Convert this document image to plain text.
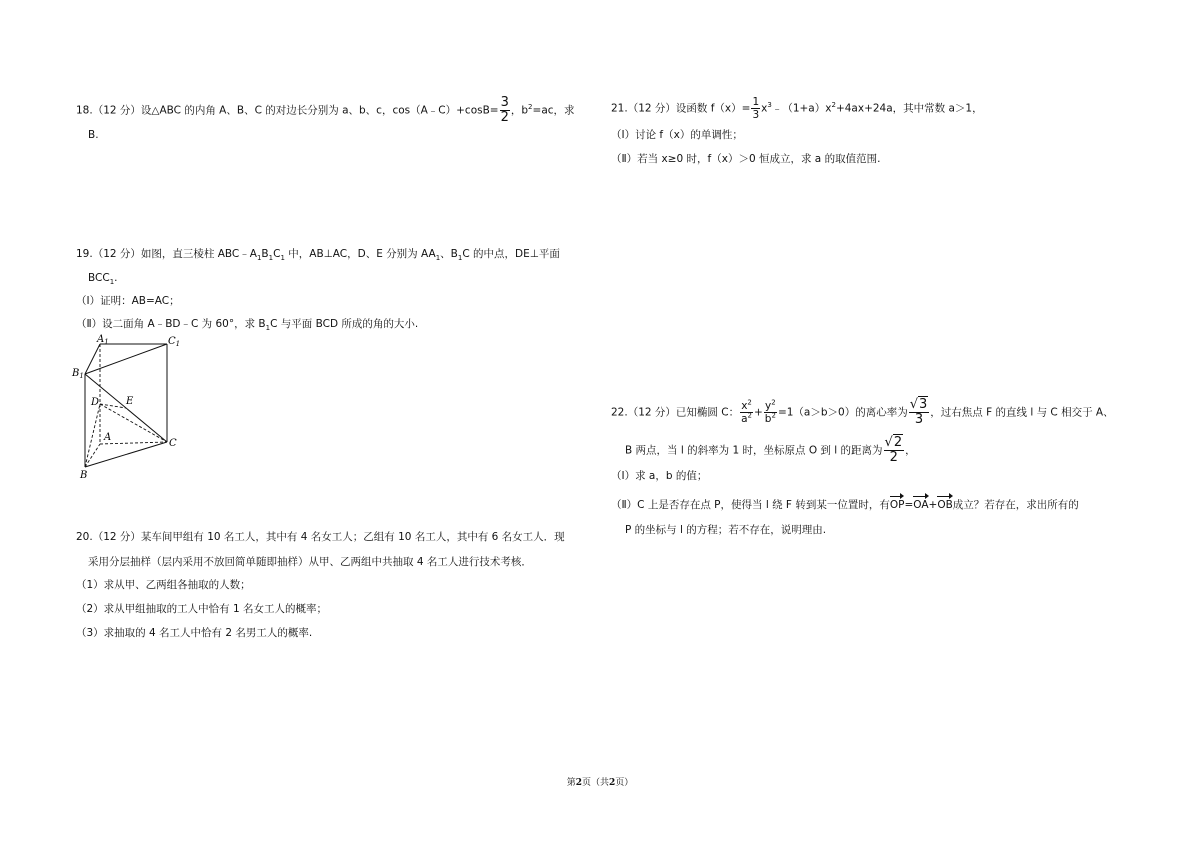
18.（12 分）设△ABC 的内角 A、B、C 的对边长分别为 a、b、c，cos（A﹣C）+cosB= $\frac{3}{2}$ ，$b^2=ac$，求
B.
19.（12 分）如图，直三棱柱 $ABC﹣A_1B_1C_1$ 中，AB⊥AC，D、E 分别为 $AA_1$、$B_1C$ 的中点，DE⊥平面
$BCC_1$.
（Ⅰ）证明：AB=AC；
（Ⅱ）设二面角 A﹣BD﹣C 为 60°，求 $B_1C$ 与平面 BCD 所成的角的大小.
$A_1$	$C_1$
$B_1$
D	E
A
C
B
20.（12 分）某车间甲组有 10 名工人，其中有 4 名女工人；乙组有 10 名工人，其中有 6 名女工人．现
采用分层抽样（层内采用不放回简单随即抽样）从甲、乙两组中共抽取 4 名工人进行技术考核．
（1）求从甲、乙两组各抽取的人数；
（2）求从甲组抽取的工人中恰有 1 名女工人的概率；
（3）求抽取的 4 名工人中恰有 2 名男工人的概率.
21.（12 分）设函数 $f(x)= \frac{1}{3}$ $x^3﹣(1+a)x^2+4ax+24a$，其中常数 a＞1，
（Ⅰ）讨论 f（x）的单调性；
（Ⅱ）若当 x≥0 时，f（x）＞0 恒成立，求 a 的取值范围.
22.（12 分）已知椭圆 C： $\frac{x^2}{a^2} + \frac{y^2}{b^2} =1(a>b>0)$的离心率为 $\frac{√3}{3}$ ，过右焦点 F 的直线 l 与 C 相交于 A、
B 两点，当 l 的斜率为 1 时，坐标原点 O 到 l 的距离为 $\frac{√2}{2}$ ，
（Ⅰ）求 a，b 的值；
（Ⅱ）C 上是否存在点 P，使得当 l 绕 F 转到某一位置时，有OP=OA+OB成立？若存在，求出所有的
P 的坐标与 l 的方程；若不存在，说明理由.
第2页（共2页）
